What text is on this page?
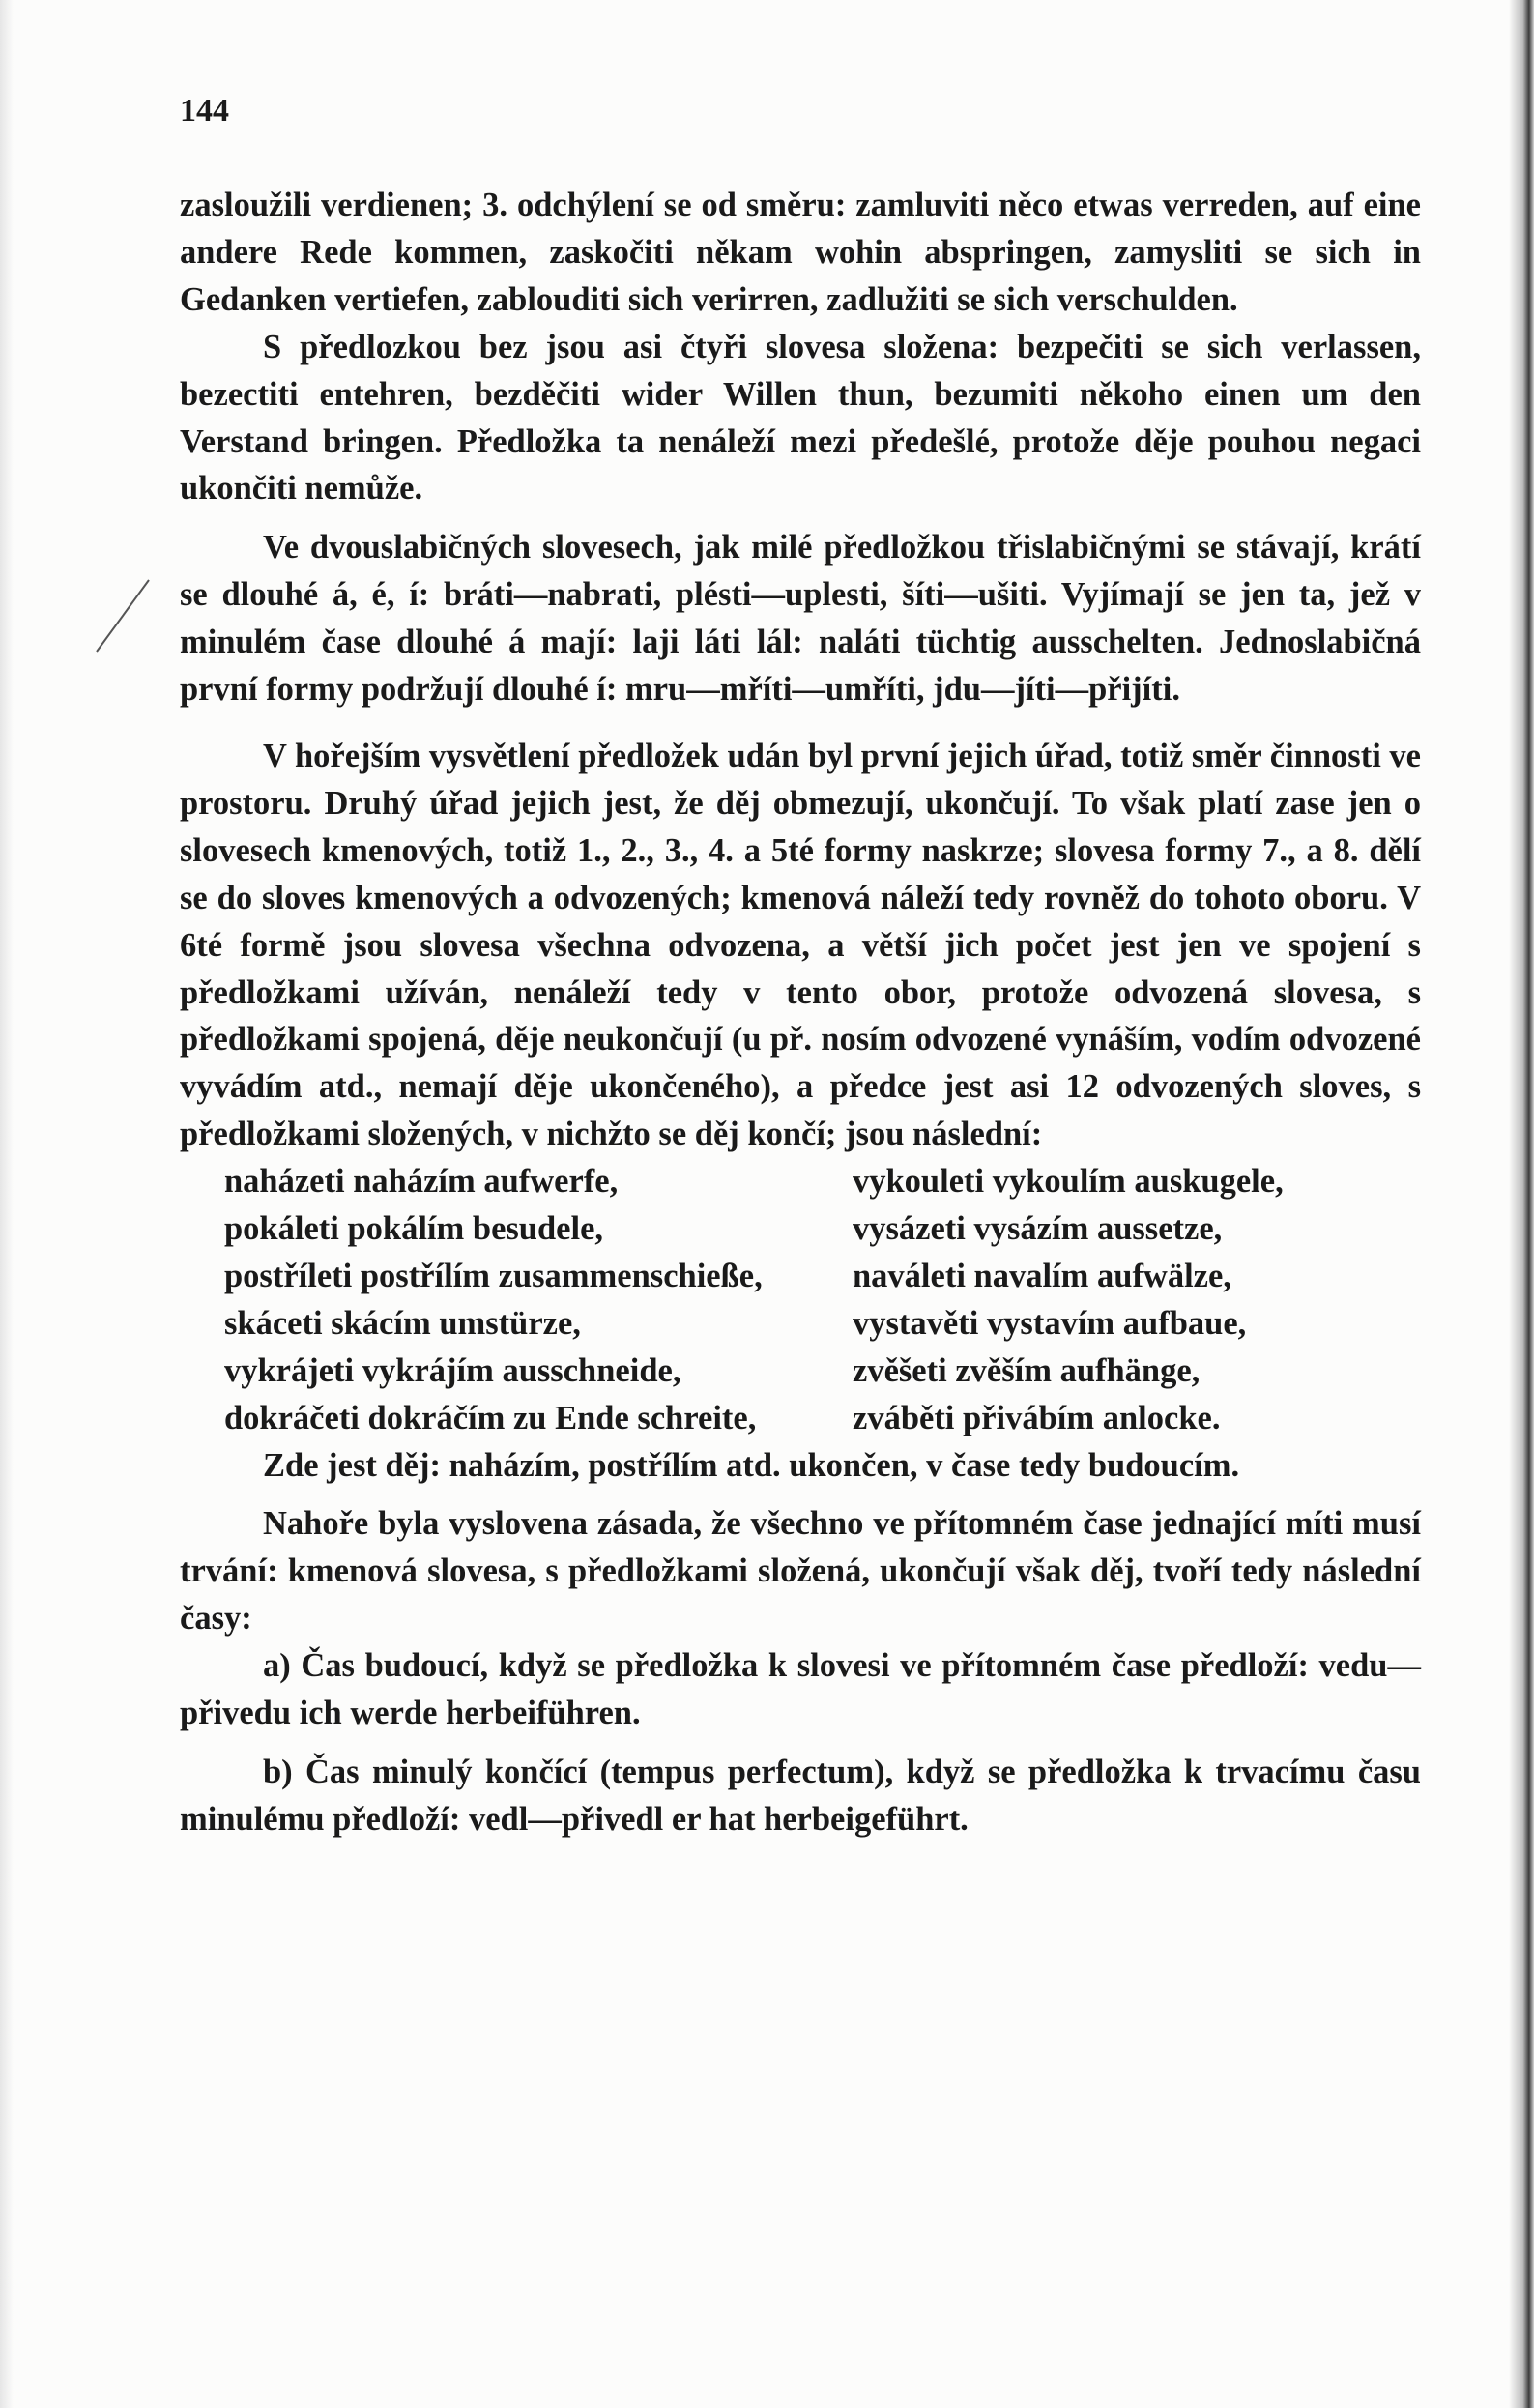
144

zasloužili verdienen; 3. odchýlení se od směru: zamluviti něco etwas verreden, auf eine andere Rede kommen, zaskočiti někam wohin abspringen, zamysliti se sich in Gedanken vertiefen, zablouditi sich verirren, zadlužiti se sich verschulden.

S předlozkou bez jsou asi čtyři slovesa složena: bezpečiti se sich verlassen, bezectiti entehren, bezděčiti wider Willen thun, bezumiti někoho einen um den Verstand bringen. Předložka ta nenáleží mezi předešlé, protože děje pouhou negaci ukončiti nemůže.

Ve dvouslabičných slovesech, jak milé předložkou třislabičnými se stávají, krátí se dlouhé á, é, í: bráti—nabrati, plésti—uplesti, šíti—ušiti. Vyjímají se jen ta, jež v minulém čase dlouhé á mají: laji láti lál: naláti tüchtig ausschelten. Jednoslabičná první formy podržují dlouhé í: mru—mříti—umříti, jdu—jíti—přijíti.

V hořejším vysvětlení předložek udán byl první jejich úřad, totiž směr činnosti ve prostoru. Druhý úřad jejich jest, že děj obmezují, ukončují. To však platí zase jen o slovesech kmenových, totiž 1., 2., 3., 4. a 5té formy naskrze; slovesa formy 7., a 8. dělí se do sloves kmenových a odvozených; kmenová náleží tedy rovněž do tohoto oboru. V 6té formě jsou slovesa všechna odvozena, a větší jich počet jest jen ve spojení s předložkami užíván, nenáleží tedy v tento obor, protože odvozená slovesa, s předložkami spojená, děje neukončují (u př. nosím odvozené vynáším, vodím odvozené vyvádím atd., nemají děje ukončeného), a předce jest asi 12 odvozených sloves, s předložkami složených, v nichžto se děj končí; jsou následní:

naházeti naházím aufwerfe,	vykouleti vykoulím auskugele,
pokáleti pokálím besudele,	vysázeti vysázím aussetze,
postříleti postřílím zusammenschieße,	naváleti navalím aufwälze,
skáceti skácím umstürze,	vystavěti vystavím aufbaue,
vykrájeti vykrájím ausschneide,	zvěšeti zvěším aufhänge,
dokráčeti dokráčím zu Ende schreite,	zváběti přivábím anlocke.

Zde jest děj: naházím, postřílím atd. ukončen, v čase tedy budoucím.

Nahoře byla vyslovena zásada, že všechno ve přítomném čase jednající míti musí trvání: kmenová slovesa, s předložkami složená, ukončují však děj, tvoří tedy následní časy:

a) Čas budoucí, když se předložka k slovesi ve přítomném čase předloží: vedu—přivedu ich werde herbeiführen.

b) Čas minulý končící (tempus perfectum), když se předložka k trvacímu času minulému předloží: vedl—přivedl er hat herbeigeführt.
